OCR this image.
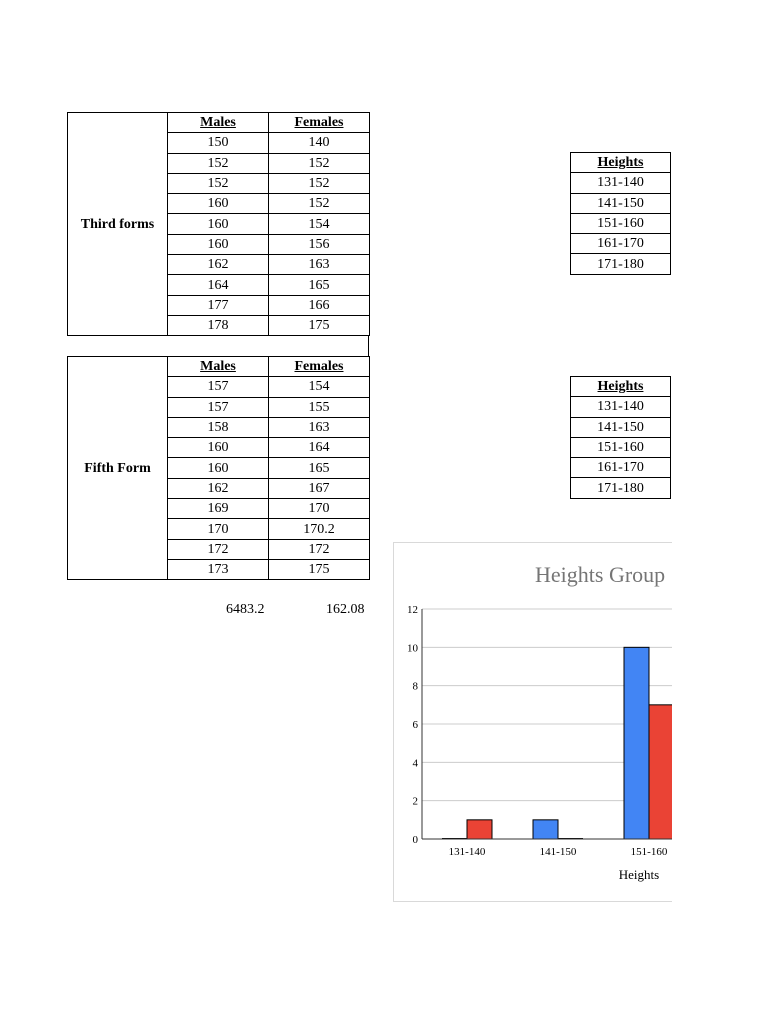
Third forms	Males	Females
	150	140
	152	152
	152	152
	160	152
	160	154
	160	156
	162	163
	164	165
	177	166
	178	175
Fifth Form	Males	Females
	157	154
	157	155
	158	163
	160	164
	160	165
	162	167
	169	170
	170	170.2
	172	172
	173	175
Heights
131-140
141-150
151-160
161-170
171-180
Heights
131-140
141-150
151-160
161-170
171-180
6483.2	162.08
Heights Group
0
2
4
6
8
10
12
131-140	141-150	151-160
Heights
